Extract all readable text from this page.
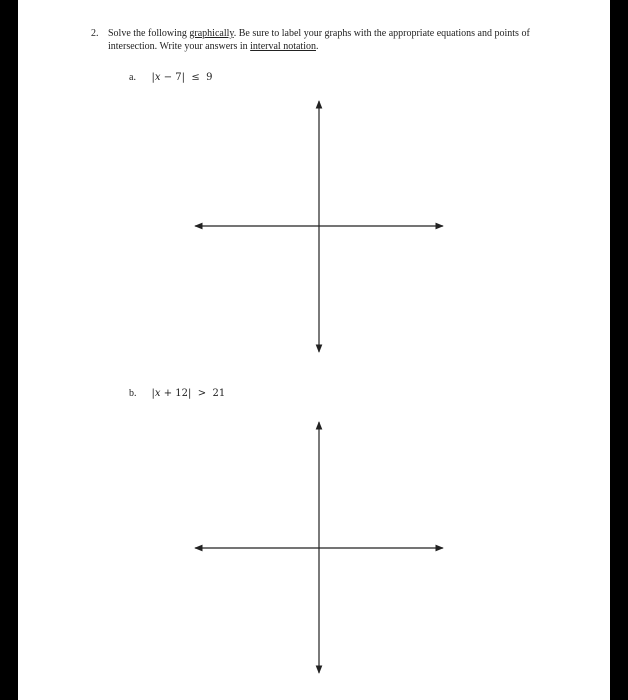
2. Solve the following graphically. Be sure to label your graphs with the appropriate equations and points of intersection. Write your answers in interval notation.
a. |x − 7| ≤ 9
b. |x + 12| > 21
